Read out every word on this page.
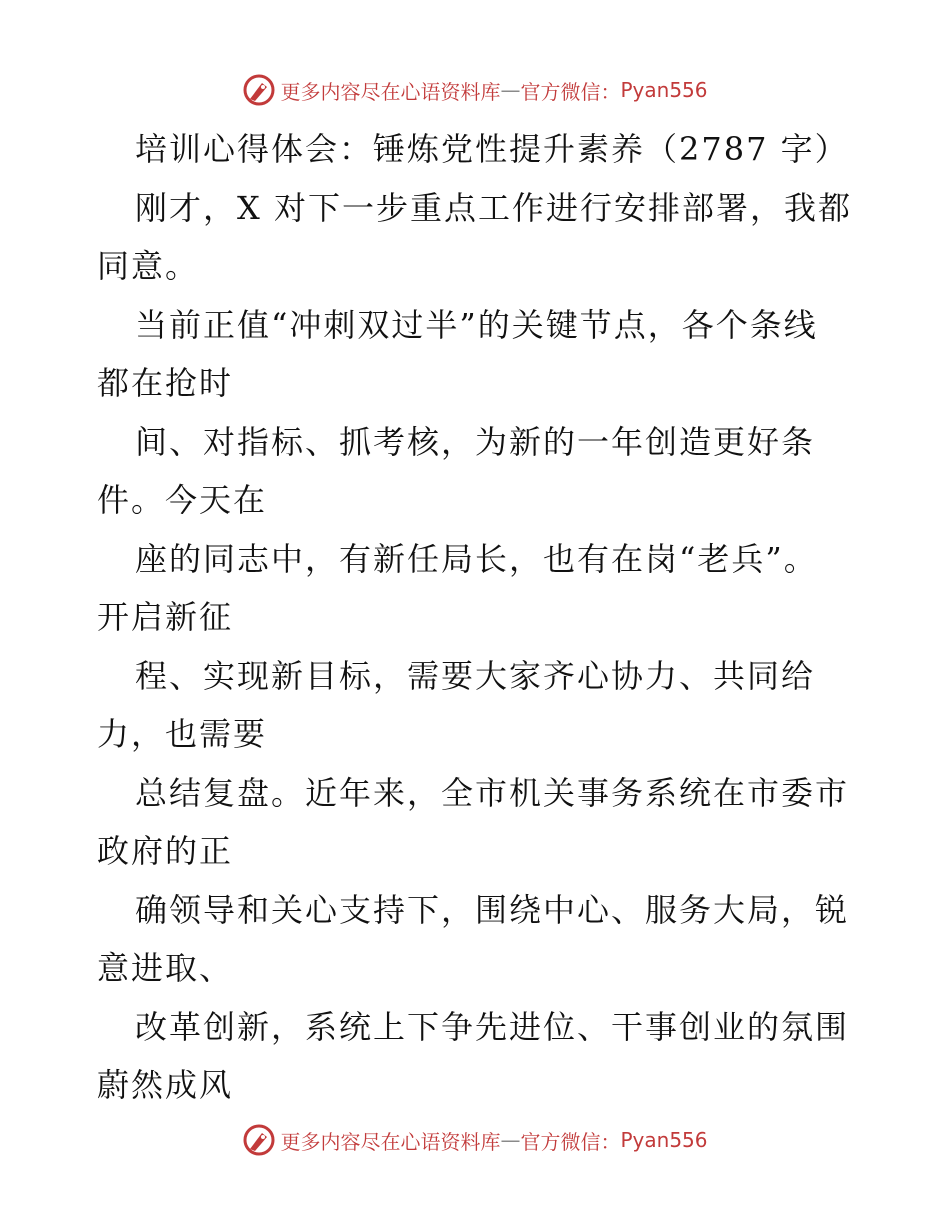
更多内容尽在心语资料库 — 官方微信： Pyan556
培训心得体会：锤炼党性提升素养（2787 字）
刚才，X 对下一步重点工作进行安排部署，我都
同意。
当前正值“冲刺双过半”的关键节点，各个条线
都在抢时
间、对指标、抓考核，为新的一年创造更好条
件。今天在
座的同志中，有新任局长，也有在岗“老兵”。
开启新征
程、实现新目标，需要大家齐心协力、共同给
力，也需要
总结复盘。近年来，全市机关事务系统在市委市
政府的正
确领导和关心支持下，围绕中心、服务大局，锐
意进取、
改革创新，系统上下争先进位、干事创业的氛围
蔚然成风
更多内容尽在心语资料库 — 官方微信： Pyan556
